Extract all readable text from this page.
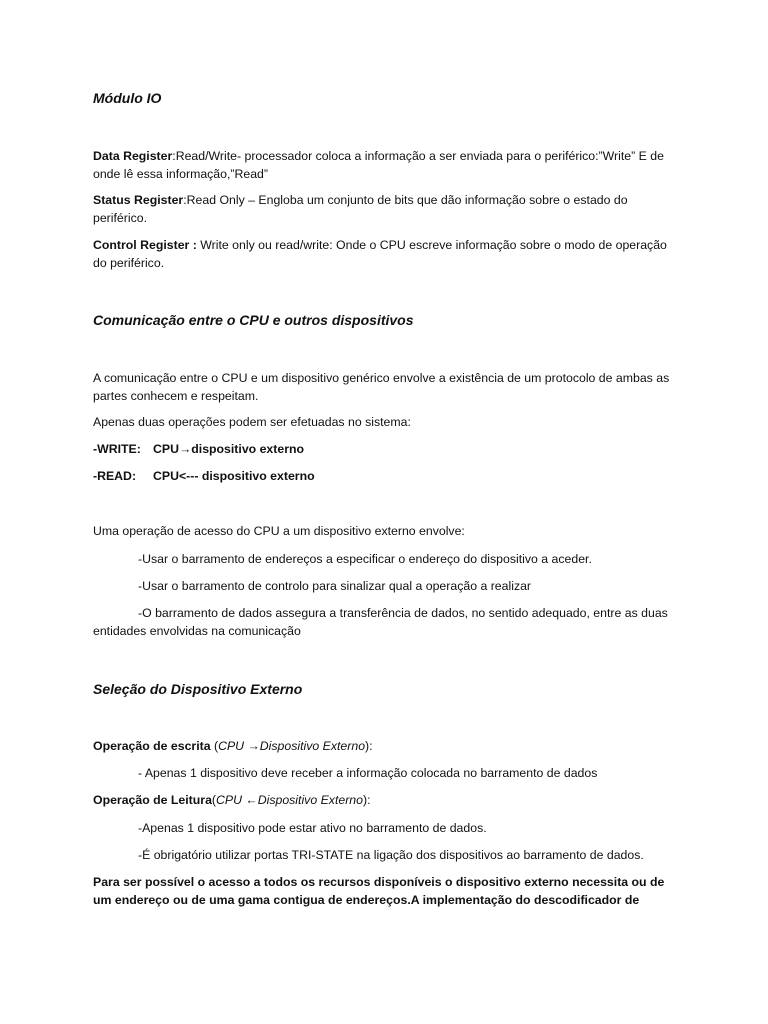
Módulo IO

Data Register:Read/Write- processador coloca a informação a ser enviada para o periférico:”Write” E de onde lê essa informação,”Read”

Status Register:Read Only – Engloba um conjunto de bits que dão informação sobre o estado do periférico.

Control Register : Write only ou read/write: Onde o CPU escreve informação sobre o modo de operação do periférico.

Comunicação entre o CPU e outros dispositivos

A comunicação entre o CPU e um dispositivo genérico envolve a existência de um protocolo de ambas as partes conhecem e respeitam.

Apenas duas operações podem ser efetuadas no sistema:

-WRITE: CPU→dispositivo externo

-READ: CPU<--- dispositivo externo

Uma operação de acesso do CPU a um dispositivo externo envolve:

-Usar o barramento de endereços a especificar o endereço do dispositivo a aceder.

-Usar o barramento de controlo para sinalizar qual a operação a realizar

-O barramento de dados assegura a transferência de dados, no sentido adequado, entre as duas entidades envolvidas na comunicação

Seleção do Dispositivo Externo

Operação de escrita (CPU →Dispositivo Externo):

- Apenas 1 dispositivo deve receber a informação colocada no barramento de dados

Operação de Leitura(CPU ←Dispositivo Externo):

-Apenas 1 dispositivo pode estar ativo no barramento de dados.

-É obrigatório utilizar portas TRI-STATE na ligação dos dispositivos ao barramento de dados.

Para ser possível o acesso a todos os recursos disponíveis o dispositivo externo necessita ou de um endereço ou de uma gama contigua de endereços.A implementação do descodificador de
